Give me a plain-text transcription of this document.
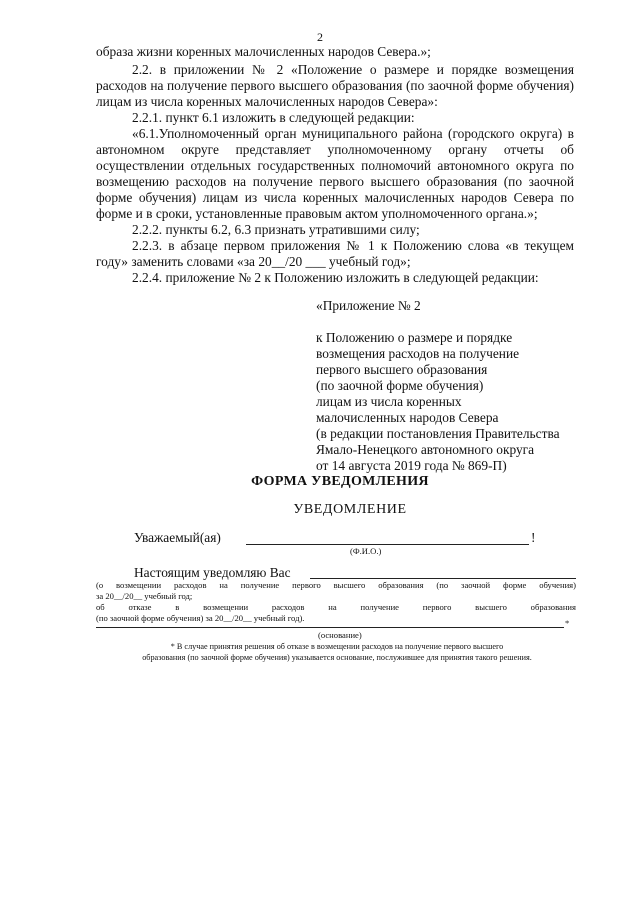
2

образа жизни коренных малочисленных народов Севера.»;

2.2. в приложении № 2 «Положение о размере и порядке возмещения расходов на получение первого высшего образования (по заочной форме обучения) лицам из числа коренных малочисленных народов Севера»:

2.2.1. пункт 6.1 изложить в следующей редакции:

«6.1.Уполномоченный орган муниципального района (городского округа) в автономном округе представляет уполномоченному органу отчеты об осуществлении отдельных государственных полномочий автономного округа по возмещению расходов на получение первого высшего образования (по заочной форме обучения) лицам из числа коренных малочисленных народов Севера по форме и в сроки, установленные правовым актом уполномоченного органа.»;

2.2.2. пункты 6.2, 6.3 признать утратившими силу;

2.2.3. в абзаце первом приложения № 1 к Положению слова «в текущем году» заменить словами «за 20__/20 ___ учебный год»;

2.2.4. приложение № 2 к Положению изложить в следующей редакции:

«Приложение № 2
к Положению о размере и порядке
возмещения расходов на получение
первого высшего образования
(по заочной форме обучения)
лицам из числа коренных
малочисленных народов Севера
(в редакции постановления Правительства
Ямало-Ненецкого автономного округа
от 14 августа 2019 года № 869-П)
ФОРМА УВЕДОМЛЕНИЯ
УВЕДОМЛЕНИЕ
Уважаемый(ая)	!
(Ф.И.О.)
Настоящим уведомляю Вас
(о возмещении расходов на получение первого высшего образования (по заочной форме обучения)
за 20__/20__ учебный год;
об отказе в возмещении расходов на получение первого высшего образования
(по заочной форме обучения) за 20__/20__ учебный год).	*
(основание)
* В случае принятия решения об отказе в возмещении расходов на получение первого высшего
образования (по заочной форме обучения) указывается основание, послужившее для принятия такого решения.
